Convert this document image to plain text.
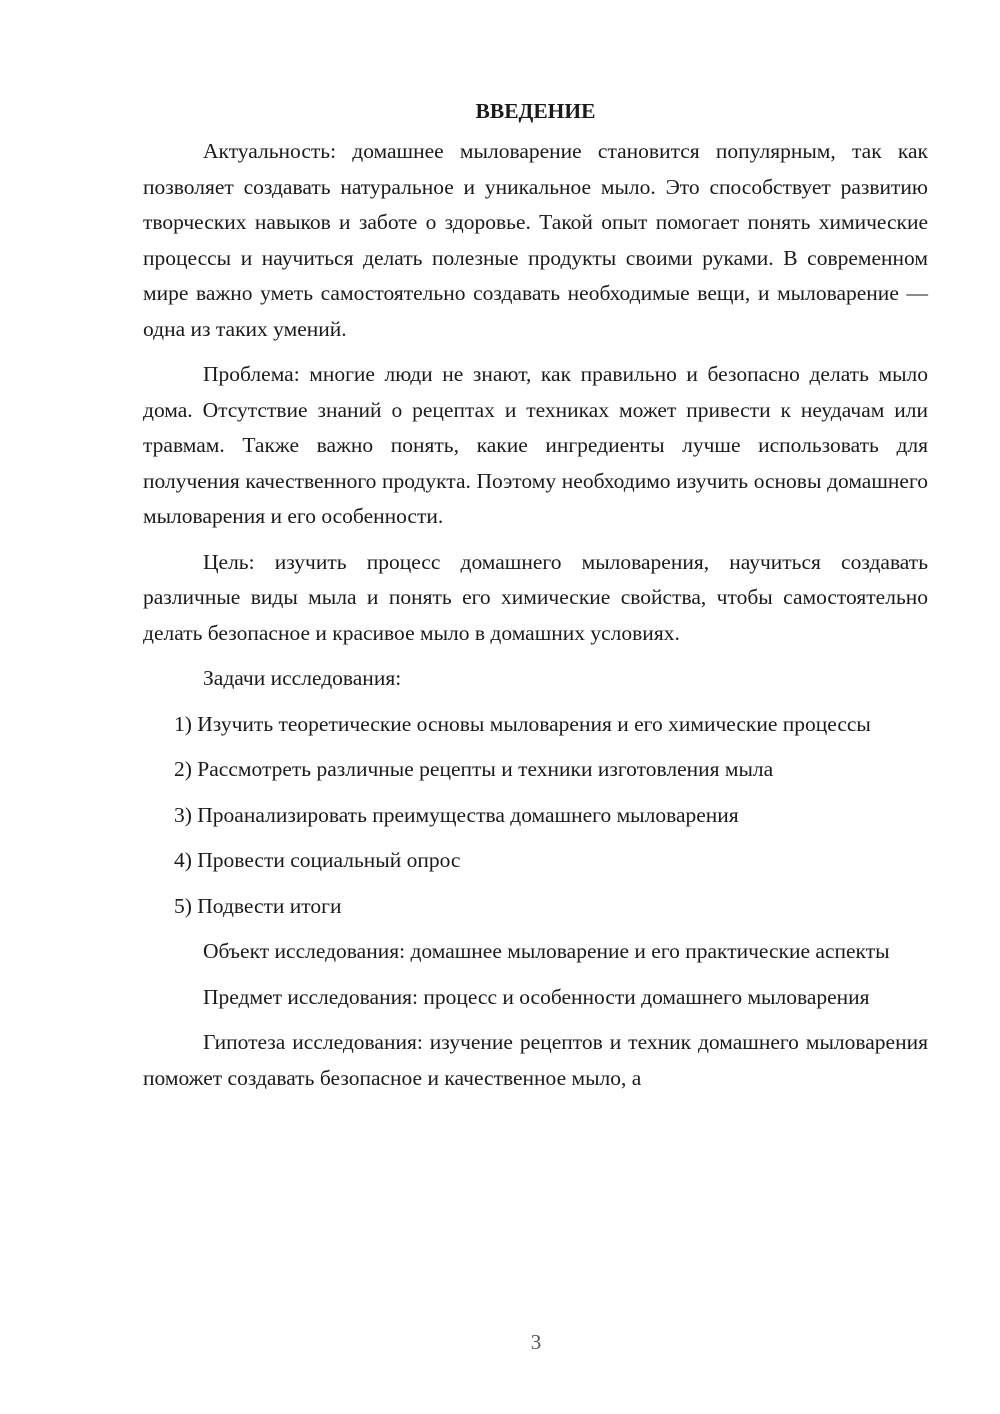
ВВЕДЕНИЕ

Актуальность: домашнее мыловарение становится популярным, так как позволяет создавать натуральное и уникальное мыло. Это способствует развитию творческих навыков и заботе о здоровье. Такой опыт помогает понять химические процессы и научиться делать полезные продукты своими руками. В современном мире важно уметь самостоятельно создавать необходимые вещи, и мыловарение — одна из таких умений.

Проблема: многие люди не знают, как правильно и безопасно делать мыло дома. Отсутствие знаний о рецептах и техниках может привести к неудачам или травмам. Также важно понять, какие ингредиенты лучше использовать для получения качественного продукта. Поэтому необходимо изучить основы домашнего мыловарения и его особенности.

Цель: изучить процесс домашнего мыловарения, научиться создавать различные виды мыла и понять его химические свойства, чтобы самостоятельно делать безопасное и красивое мыло в домашних условиях.

Задачи исследования:

1) Изучить теоретические основы мыловарения и его химические процессы

2) Рассмотреть различные рецепты и техники изготовления мыла

3) Проанализировать преимущества домашнего мыловарения

4) Провести социальный опрос

5) Подвести итоги

Объект исследования: домашнее мыловарение и его практические аспекты

Предмет исследования: процесс и особенности домашнего мыловарения

Гипотеза исследования: изучение рецептов и техник домашнего мыловарения поможет создавать безопасное и качественное мыло, а

3
